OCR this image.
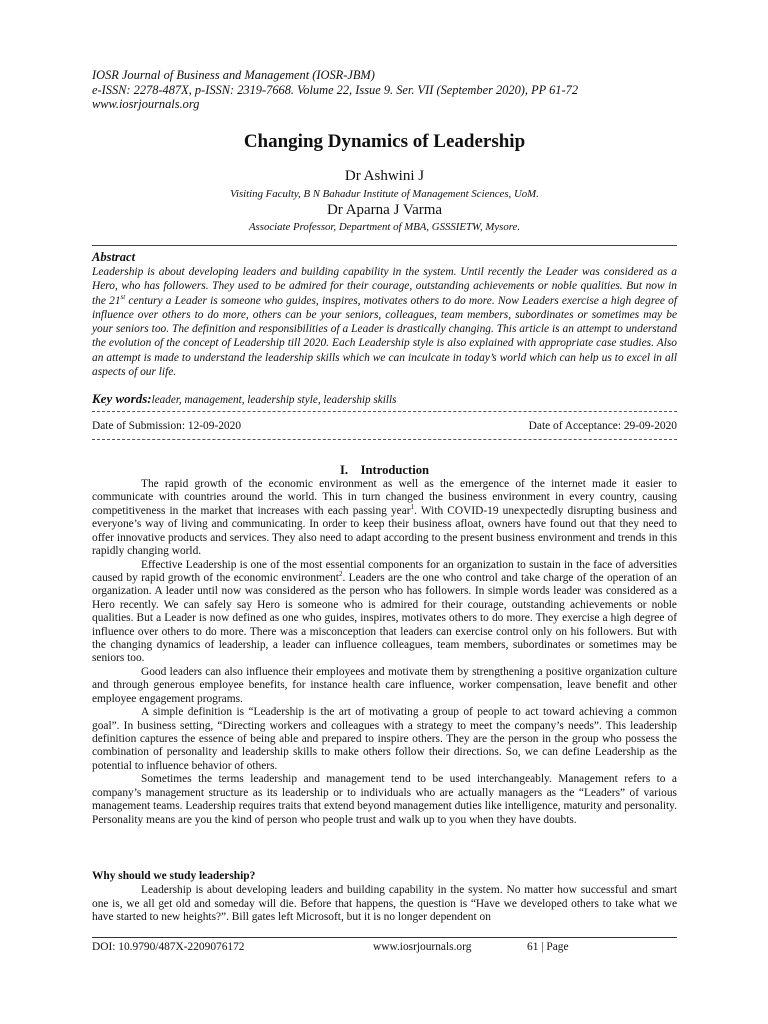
IOSR Journal of Business and Management (IOSR-JBM)
e-ISSN: 2278-487X, p-ISSN: 2319-7668. Volume 22, Issue 9. Ser. VII (September 2020), PP 61-72
www.iosrjournals.org
Changing Dynamics of Leadership
Dr Ashwini J
Visiting Faculty, B N Bahadur Institute of Management Sciences, UoM.
Dr Aparna J Varma
Associate Professor, Department of MBA, GSSSIETW, Mysore.
Abstract
Leadership is about developing leaders and building capability in the system. Until recently the Leader was considered as a Hero, who has followers. They used to be admired for their courage, outstanding achievements or noble qualities. But now in the 21st century a Leader is someone who guides, inspires, motivates others to do more. Now Leaders exercise a high degree of influence over others to do more, others can be your seniors, colleagues, team members, subordinates or sometimes may be your seniors too. The definition and responsibilities of a Leader is drastically changing. This article is an attempt to understand the evolution of the concept of Leadership till 2020. Each Leadership style is also explained with appropriate case studies. Also an attempt is made to understand the leadership skills which we can inculcate in today’s world which can help us to excel in all aspects of our life.
Key words:leader, management, leadership style, leadership skills
Date of Submission: 12-09-2020	Date of Acceptance: 29-09-2020
I.    Introduction

The rapid growth of the economic environment as well as the emergence of the internet made it easier to communicate with countries around the world. This in turn changed the business environment in every country, causing competitiveness in the market that increases with each passing year$^1$. With COVID-19 unexpectedly disrupting business and everyone’s way of living and communicating. In order to keep their business afloat, owners have found out that they need to offer innovative products and services. They also need to adapt according to the present business environment and trends in this rapidly changing world.

Effective Leadership is one of the most essential components for an organization to sustain in the face of adversities caused by rapid growth of the economic environment$^2$. Leaders are the one who control and take charge of the operation of an organization. A leader until now was considered as the person who has followers. In simple words leader was considered as a Hero recently. We can safely say Hero is someone who is admired for their courage, outstanding achievements or noble qualities. But a Leader is now defined as one who guides, inspires, motivates others to do more. They exercise a high degree of influence over others to do more. There was a misconception that leaders can exercise control only on his followers. But with the changing dynamics of leadership, a leader can influence colleagues, team members, subordinates or sometimes may be seniors too.

Good leaders can also influence their employees and motivate them by strengthening a positive organization culture and through generous employee benefits, for instance health care influence, worker compensation, leave benefit and other employee engagement programs.

A simple definition is “Leadership is the art of motivating a group of people to act toward achieving a common goal”. In business setting, “Directing workers and colleagues with a strategy to meet the company’s needs”. This leadership definition captures the essence of being able and prepared to inspire others. They are the person in the group who possess the combination of personality and leadership skills to make others follow their directions. So, we can define Leadership as the potential to influence behavior of others.

Sometimes the terms leadership and management tend to be used interchangeably. Management refers to a company’s management structure as its leadership or to individuals who are actually managers as the “Leaders” of various management teams. Leadership requires traits that extend beyond management duties like intelligence, maturity and personality. Personality means are you the kind of person who people trust and walk up to you when they have doubts.

Why should we study leadership?

Leadership is about developing leaders and building capability in the system. No matter how successful and smart one is, we all get old and someday will die. Before that happens, the question is “Have we developed others to take what we have started to new heights?”. Bill gates left Microsoft, but it is no longer dependent on

DOI: 10.9790/487X-2209076172	www.iosrjournals.org	61 | Page
